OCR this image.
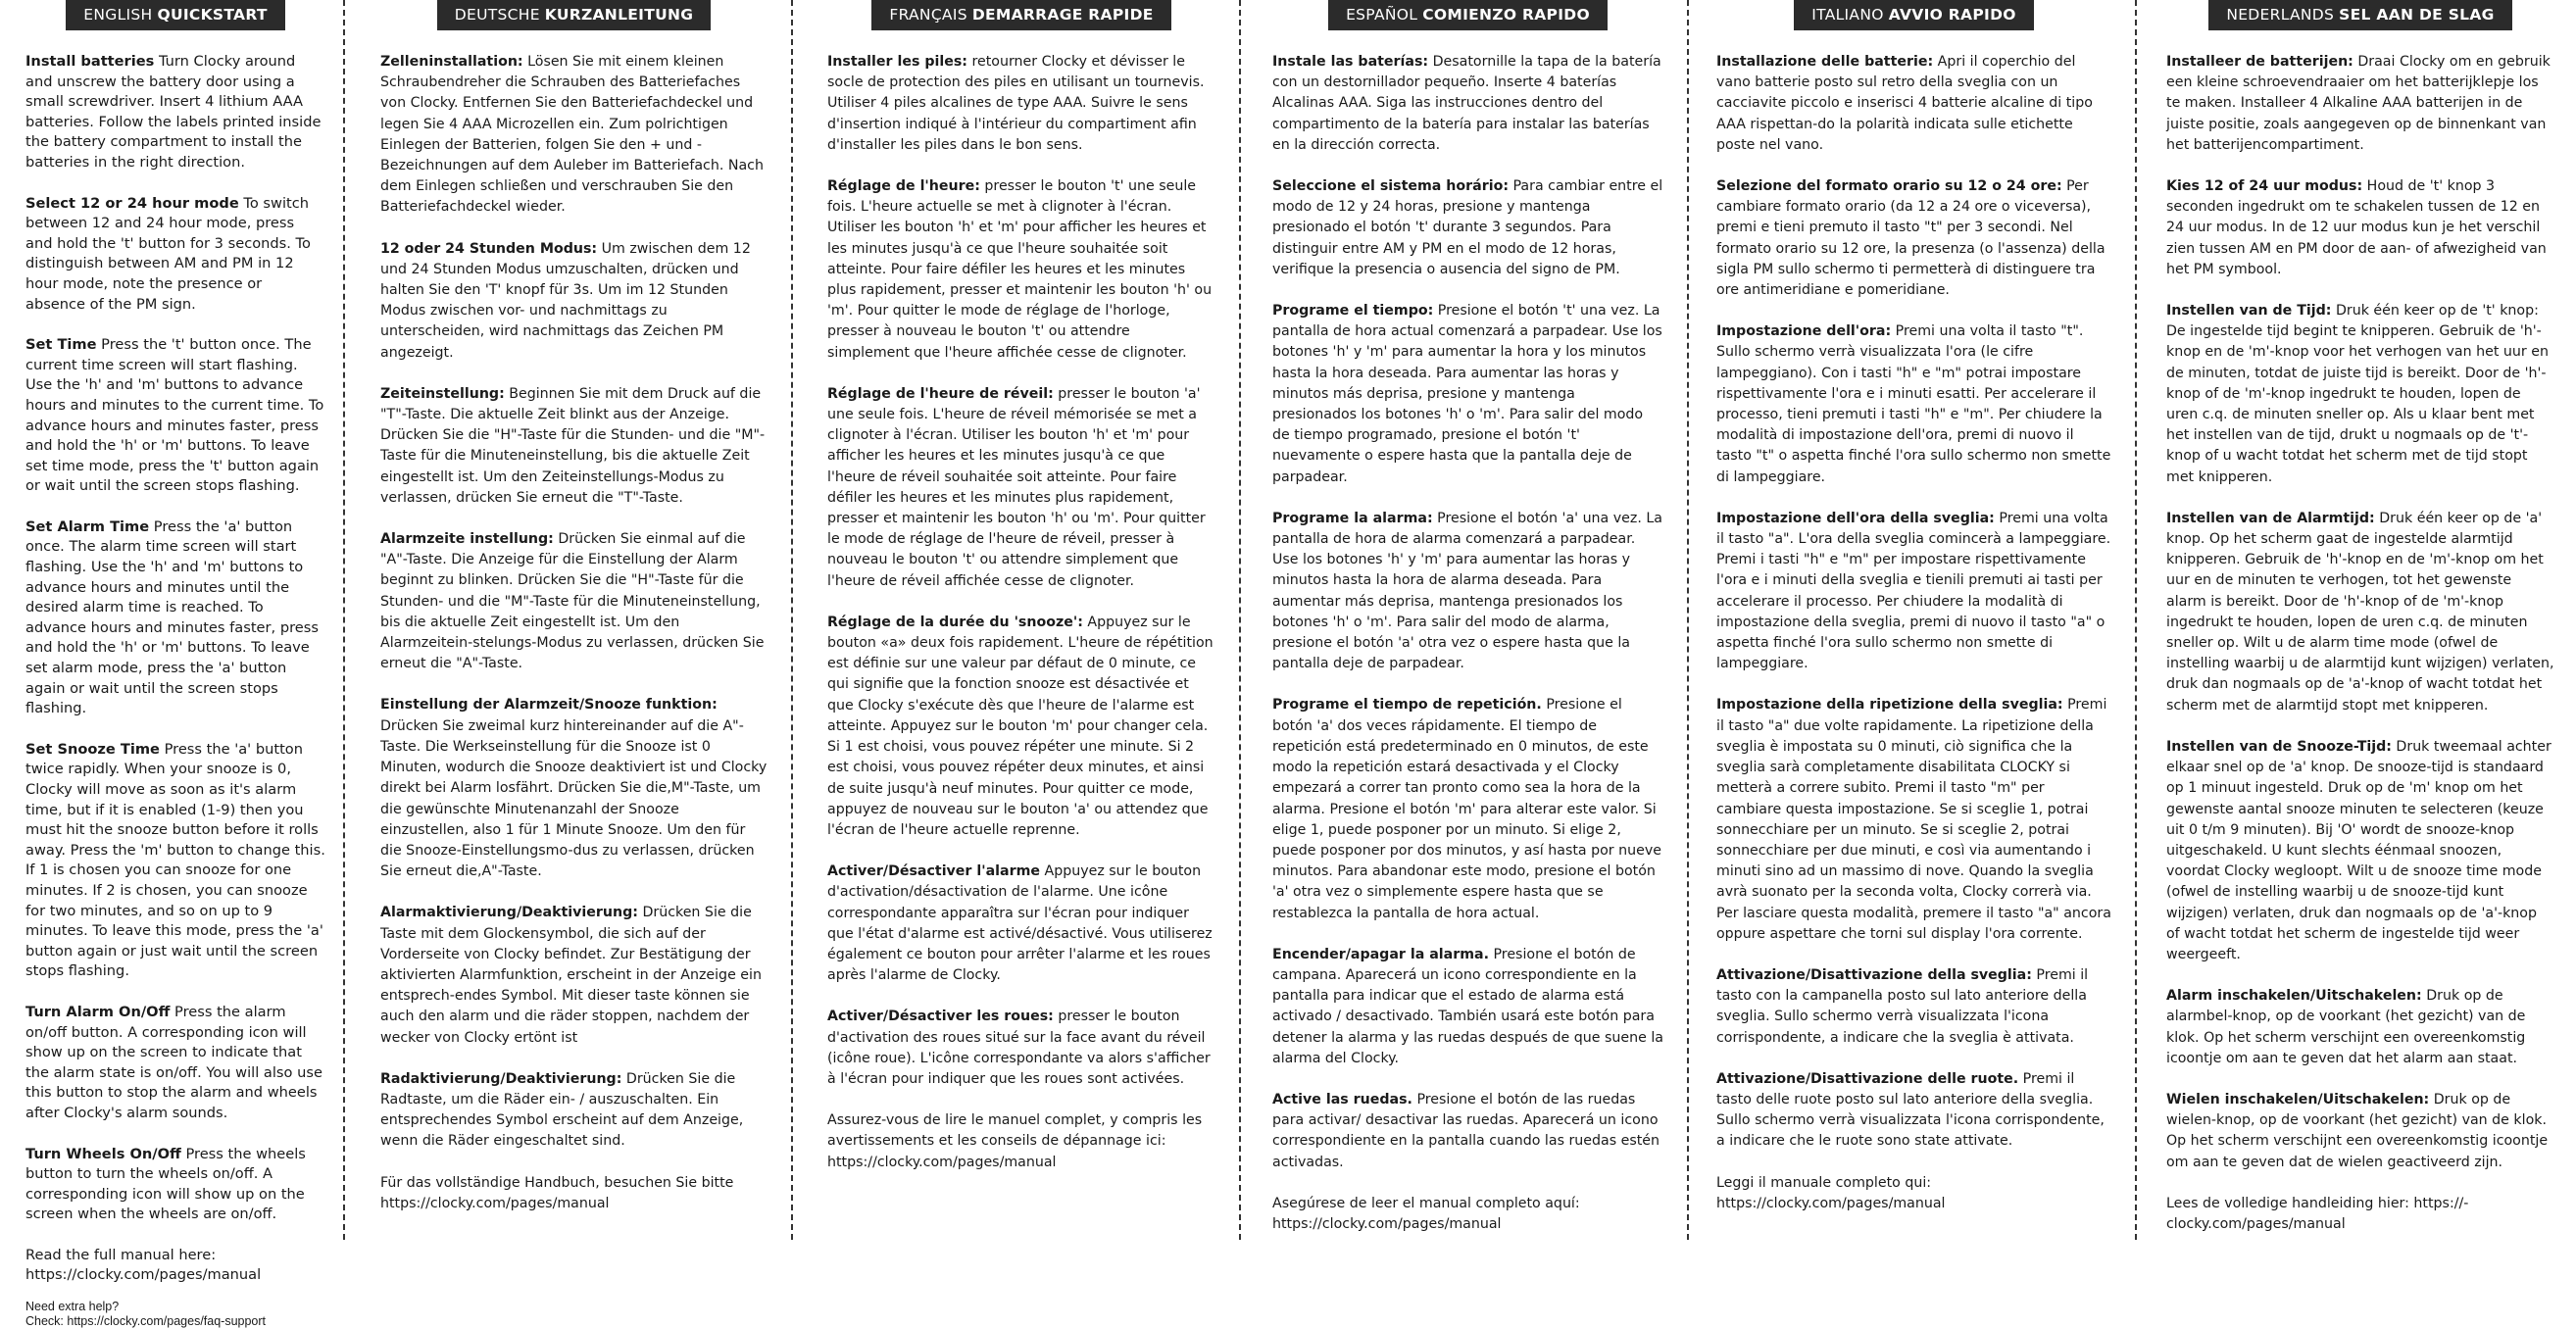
ENGLISH QUICKSTART

Install batteries Turn Clocky around and unscrew the battery door using a small screwdriver. Insert 4 lithium AAA batteries. Follow the labels printed inside the battery compartment to install the batteries in the right direction.

Select 12 or 24 hour mode To switch between 12 and 24 hour mode, press and hold the 't' button for 3 seconds. To distinguish between AM and PM in 12 hour mode, note the presence or absence of the PM sign.

Set Time Press the 't' button once. The current time screen will start flashing. Use the 'h' and 'm' buttons to advance hours and minutes to the current time. To advance hours and minutes faster, press and hold the 'h' or 'm' buttons. To leave set time mode, press the 't' button again or wait until the screen stops flashing.

Set Alarm Time Press the 'a' button once. The alarm time screen will start flashing. Use the 'h' and 'm' buttons to advance hours and minutes until the desired alarm time is reached. To advance hours and minutes faster, press and hold the 'h' or 'm' buttons. To leave set alarm mode, press the 'a' button again or wait until the screen stops flashing.

Set Snooze Time Press the 'a' button twice rapidly. When your snooze is 0, Clocky will move as soon as it's alarm time, but if it is enabled (1-9) then you must hit the snooze button before it rolls away. Press the 'm' button to change this. If 1 is chosen you can snooze for one minutes. If 2 is chosen, you can snooze for two minutes, and so on up to 9 minutes. To leave this mode, press the 'a' button again or just wait until the screen stops flashing.

Turn Alarm On/Off Press the alarm on/off button. A corresponding icon will show up on the screen to indicate that the alarm state is on/off. You will also use this button to stop the alarm and wheels after Clocky's alarm sounds.

Turn Wheels On/Off Press the wheels button to turn the wheels on/off. A corresponding icon will show up on the screen when the wheels are on/off.

Read the full manual here: https://clocky.com/pages/manual
Need extra help?
Check: https://clocky.com/pages/faq-support
DEUTSCHE KURZANLEITUNG

Zelleninstallation: Lösen Sie mit einem kleinen Schraubendreher die Schrauben des Batteriefaches von Clocky. Entfernen Sie den Batteriefachdeckel und legen Sie 4 AAA Microzellen ein. Zum polrichtigen Einlegen der Batterien, folgen Sie den + und -Bezeichnungen auf dem Auleber im Batteriefach. Nach dem Einlegen schließen und verschrauben Sie den Batteriefachdeckel wieder.

12 oder 24 Stunden Modus: Um zwischen dem 12 und 24 Stunden Modus umzuschalten, drücken und halten Sie den 'T' knopf für 3s. Um im 12 Stunden Modus zwischen vor- und nachmittags zu unterscheiden, wird nachmittags das Zeichen PM angezeigt.

Zeiteinstellung: Beginnen Sie mit dem Druck auf die "T"-Taste. Die aktuelle Zeit blinkt aus der Anzeige. Drücken Sie die "H"-Taste für die Stunden- und die "M"-Taste für die Minuteneinstellung, bis die aktuelle Zeit eingestellt ist. Um den Zeiteinstellungs-Modus zu verlassen, drücken Sie erneut die "T"-Taste.

Alarmzeite instellung: Drücken Sie einmal auf die "A"-Taste. Die Anzeige für die Einstellung der Alarm beginnt zu blinken. Drücken Sie die "H"-Taste für die Stunden- und die "M"-Taste für die Minuteneinstellung, bis die aktuelle Zeit eingestellt ist. Um den Alarmzeitein-stelungs-Modus zu verlassen, drücken Sie erneut die "A"-Taste.

Einstellung der Alarmzeit/Snooze funktion: Drücken Sie zweimal kurz hintereinander auf die A"-Taste. Die Werkseinstellung für die Snooze ist 0 Minuten, wodurch die Snooze deaktiviert ist und Clocky direkt bei Alarm losfährt. Drücken Sie die,M"-Taste, um die gewünschte Minutenanzahl der Snooze einzustellen, also 1 für 1 Minute Snooze. Um den für die Snooze-Einstellungsmo-dus zu verlassen, drücken Sie erneut die,A"-Taste.

Alarmaktivierung/Deaktivierung: Drücken Sie die Taste mit dem Glockensymbol, die sich auf der Vorderseite von Clocky befindet. Zur Bestätigung der aktivierten Alarmfunktion, erscheint in der Anzeige ein entsprech-endes Symbol. Mit dieser taste können sie auch den alarm und die räder stoppen, nachdem der wecker von Clocky ertönt ist

Radaktivierung/Deaktivierung: Drücken Sie die Radtaste, um die Räder ein- / auszuschalten. Ein entsprechendes Symbol erscheint auf dem Anzeige, wenn die Räder eingeschaltet sind.

Für das vollständige Handbuch, besuchen Sie bitte https://clocky.com/pages/manual
FRANÇAIS DEMARRAGE RAPIDE

Installer les piles: retourner Clocky et dévisser le socle de protection des piles en utilisant un tournevis. Utiliser 4 piles alcalines de type AAA. Suivre le sens d'insertion indiqué à l'intérieur du compartiment afin d'installer les piles dans le bon sens.

Réglage de l'heure: presser le bouton 't' une seule fois. L'heure actuelle se met à clignoter à l'écran. Utiliser les bouton 'h' et 'm' pour afficher les heures et les minutes jusqu'à ce que l'heure souhaitée soit atteinte. Pour faire défiler les heures et les minutes plus rapidement, presser et maintenir les bouton 'h' ou 'm'. Pour quitter le mode de réglage de l'horloge, presser à nouveau le bouton 't' ou attendre simplement que l'heure affichée cesse de clignoter.

Réglage de l'heure de réveil: presser le bouton 'a' une seule fois. L'heure de réveil mémorisée se met a clignoter à l'écran. Utiliser les bouton 'h' et 'm' pour afficher les heures et les minutes jusqu'à ce que l'heure de réveil souhaitée soit atteinte. Pour faire défiler les heures et les minutes plus rapidement, presser et maintenir les bouton 'h' ou 'm'. Pour quitter le mode de réglage de l'heure de réveil, presser à nouveau le bouton 't' ou attendre simplement que l'heure de réveil affichée cesse de clignoter.

Réglage de la durée du 'snooze': Appuyez sur le bouton «a» deux fois rapidement. L'heure de répétition est définie sur une valeur par défaut de 0 minute, ce qui signifie que la fonction snooze est désactivée et que Clocky s'exécute dès que l'heure de l'alarme est atteinte. Appuyez sur le bouton 'm' pour changer cela. Si 1 est choisi, vous pouvez répéter une minute. Si 2 est choisi, vous pouvez répéter deux minutes, et ainsi de suite jusqu'à neuf minutes. Pour quitter ce mode, appuyez de nouveau sur le bouton 'a' ou attendez que l'écran de l'heure actuelle reprenne.

Activer/Désactiver l'alarme Appuyez sur le bouton d'activation/désactivation de l'alarme. Une icône correspondante apparaîtra sur l'écran pour indiquer que l'état d'alarme est activé/désactivé. Vous utiliserez également ce bouton pour arrêter l'alarme et les roues après l'alarme de Clocky.

Activer/Désactiver les roues: presser le bouton d'activation des roues situé sur la face avant du réveil (icône roue). L'icône correspondante va alors s'afficher à l'écran pour indiquer que les roues sont activées.

Assurez-vous de lire le manuel complet, y compris les avertissements et les conseils de dépannage ici: https://clocky.com/pages/manual
ESPAÑOL COMIENZO RAPIDO

Instale las baterías: Desatornille la tapa de la batería con un destornillador pequeño. Inserte 4 baterías Alcalinas AAA. Siga las instrucciones dentro del compartimento de la batería para instalar las baterías en la dirección correcta.

Seleccione el sistema horário: Para cambiar entre el modo de 12 y 24 horas, presione y mantenga presionado el botón 't' durante 3 segundos. Para distinguir entre AM y PM en el modo de 12 horas, verifique la presencia o ausencia del signo de PM.

Programe el tiempo: Presione el botón 't' una vez. La pantalla de hora actual comenzará a parpadear. Use los botones 'h' y 'm' para aumentar la hora y los minutos hasta la hora deseada. Para aumentar las horas y minutos más deprisa, presione y mantenga presionados los botones 'h' o 'm'. Para salir del modo de tiempo programado, presione el botón 't' nuevamente o espere hasta que la pantalla deje de parpadear.

Programe la alarma: Presione el botón 'a' una vez. La pantalla de hora de alarma comenzará a parpadear. Use los botones 'h' y 'm' para aumentar las horas y minutos hasta la hora de alarma deseada. Para aumentar más deprisa, mantenga presionados los botones 'h' o 'm'. Para salir del modo de alarma, presione el botón 'a' otra vez o espere hasta que la pantalla deje de parpadear.

Programe el tiempo de repetición. Presione el botón 'a' dos veces rápidamente. El tiempo de repetición está predeterminado en 0 minutos, de este modo la repetición estará desactivada y el Clocky empezará a correr tan pronto como sea la hora de la alarma. Presione el botón 'm' para alterar este valor. Si elige 1, puede posponer por un minuto. Si elige 2, puede posponer por dos minutos, y así hasta por nueve minutos. Para abandonar este modo, presione el botón 'a' otra vez o simplemente espere hasta que se restablezca la pantalla de hora actual.

Encender/apagar la alarma. Presione el botón de campana. Aparecerá un icono correspondiente en la pantalla para indicar que el estado de alarma está activado / desactivado. También usará este botón para detener la alarma y las ruedas después de que suene la alarma del Clocky.

Active las ruedas. Presione el botón de las ruedas para activar/ desactivar las ruedas. Aparecerá un icono correspondiente en la pantalla cuando las ruedas estén activadas.

Asegúrese de leer el manual completo aquí: https://clocky.com/pages/manual
ITALIANO AVVIO RAPIDO

Installazione delle batterie: Apri il coperchio del vano batterie posto sul retro della sveglia con un cacciavite piccolo e inserisci 4 batterie alcaline di tipo AAA rispettan-do la polarità indicata sulle etichette poste nel vano.

Selezione del formato orario su 12 o 24 ore: Per cambiare formato orario (da 12 a 24 ore o viceversa), premi e tieni premuto il tasto "t" per 3 secondi. Nel formato orario su 12 ore, la presenza (o l'assenza) della sigla PM sullo schermo ti permetterà di distinguere tra ore antimeridiane e pomeridiane.

Impostazione dell'ora: Premi una volta il tasto "t". Sullo schermo verrà visualizzata l'ora (le cifre lampeggiano). Con i tasti "h" e "m" potrai impostare rispettivamente l'ora e i minuti esatti. Per accelerare il processo, tieni premuti i tasti "h" e "m". Per chiudere la modalità di impostazione dell'ora, premi di nuovo il tasto "t" o aspetta finché l'ora sullo schermo non smette di lampeggiare.

Impostazione dell'ora della sveglia: Premi una volta il tasto "a". L'ora della sveglia comincerà a lampeggiare. Premi i tasti "h" e "m" per impostare rispettivamente l'ora e i minuti della sveglia e tienili premuti ai tasti per accelerare il processo. Per chiudere la modalità di impostazione della sveglia, premi di nuovo il tasto "a" o aspetta finché l'ora sullo schermo non smette di lampeggiare.

Impostazione della ripetizione della sveglia: Premi il tasto "a" due volte rapidamente. La ripetizione della sveglia è impostata su 0 minuti, ciò significa che la sveglia sarà completamente disabilitata CLOCKY si metterà a correre subito. Premi il tasto "m" per cambiare questa impostazione. Se si sceglie 1, potrai sonnecchiare per un minuto. Se si sceglie 2, potrai sonnecchiare per due minuti, e così via aumentando i minuti sino ad un massimo di nove. Quando la sveglia avrà suonato per la seconda volta, Clocky correrà via. Per lasciare questa modalità, premere il tasto "a" ancora oppure aspettare che torni sul display l'ora corrente.

Attivazione/Disattivazione della sveglia: Premi il tasto con la campanella posto sul lato anteriore della sveglia. Sullo schermo verrà visualizzata l'icona corrispondente, a indicare che la sveglia è attivata.

Attivazione/Disattivazione delle ruote. Premi il tasto delle ruote posto sul lato anteriore della sveglia. Sullo schermo verrà visualizzata l'icona corrispondente, a indicare che le ruote sono state attivate.

Leggi il manuale completo qui: https://clocky.com/pages/manual
NEDERLANDS SEL AAN DE SLAG

Installeer de batterijen: Draai Clocky om en gebruik een kleine schroevendraaier om het batterijklepje los te maken. Installeer 4 Alkaline AAA batterijen in de juiste positie, zoals aangegeven op de binnenkant van het batterijencompartiment.

Kies 12 of 24 uur modus: Houd de 't' knop 3 seconden ingedrukt om te schakelen tussen de 12 en 24 uur modus. In de 12 uur modus kun je het verschil zien tussen AM en PM door de aan- of afwezigheid van het PM symbool.

Instellen van de Tijd: Druk één keer op de 't' knop: De ingestelde tijd begint te knipperen. Gebruik de 'h'-knop en de 'm'-knop voor het verhogen van het uur en de minuten, totdat de juiste tijd is bereikt. Door de 'h'-knop of de 'm'-knop ingedrukt te houden, lopen de uren c.q. de minuten sneller op. Als u klaar bent met het instellen van de tijd, drukt u nogmaals op de 't'-knop of u wacht totdat het scherm met de tijd stopt met knipperen.

Instellen van de Alarmtijd: Druk één keer op de 'a' knop. Op het scherm gaat de ingestelde alarmtijd knipperen. Gebruik de 'h'-knop en de 'm'-knop om het uur en de minuten te verhogen, tot het gewenste alarm is bereikt. Door de 'h'-knop of de 'm'-knop ingedrukt te houden, lopen de uren c.q. de minuten sneller op. Wilt u de alarm time mode (ofwel de instelling waarbij u de alarmtijd kunt wijzigen) verlaten, druk dan nogmaals op de 'a'-knop of wacht totdat het scherm met de alarmtijd stopt met knipperen.

Instellen van de Snooze-Tijd: Druk tweemaal achter elkaar snel op de 'a' knop. De snooze-tijd is standaard op 1 minuut ingesteld. Druk op de 'm' knop om het gewenste aantal snooze minuten te selecteren (keuze uit 0 t/m 9 minuten). Bij 'O' wordt de snooze-knop uitgeschakeld. U kunt slechts éénmaal snoozen, voordat Clocky wegloopt. Wilt u de snooze time mode (ofwel de instelling waarbij u de snooze-tijd kunt wijzigen) verlaten, druk dan nogmaals op de 'a'-knop of wacht totdat het scherm de ingestelde tijd weer weergeeft.

Alarm inschakelen/Uitschakelen: Druk op de alarmbel-knop, op de voorkant (het gezicht) van de klok. Op het scherm verschijnt een overeenkomstig icoontje om aan te geven dat het alarm aan staat.

Wielen inschakelen/Uitschakelen: Druk op de wielen-knop, op de voorkant (het gezicht) van de klok. Op het scherm verschijnt een overeenkomstig icoontje om aan te geven dat de wielen geactiveerd zijn.

Lees de volledige handleiding hier: https://-clocky.com/pages/manual
